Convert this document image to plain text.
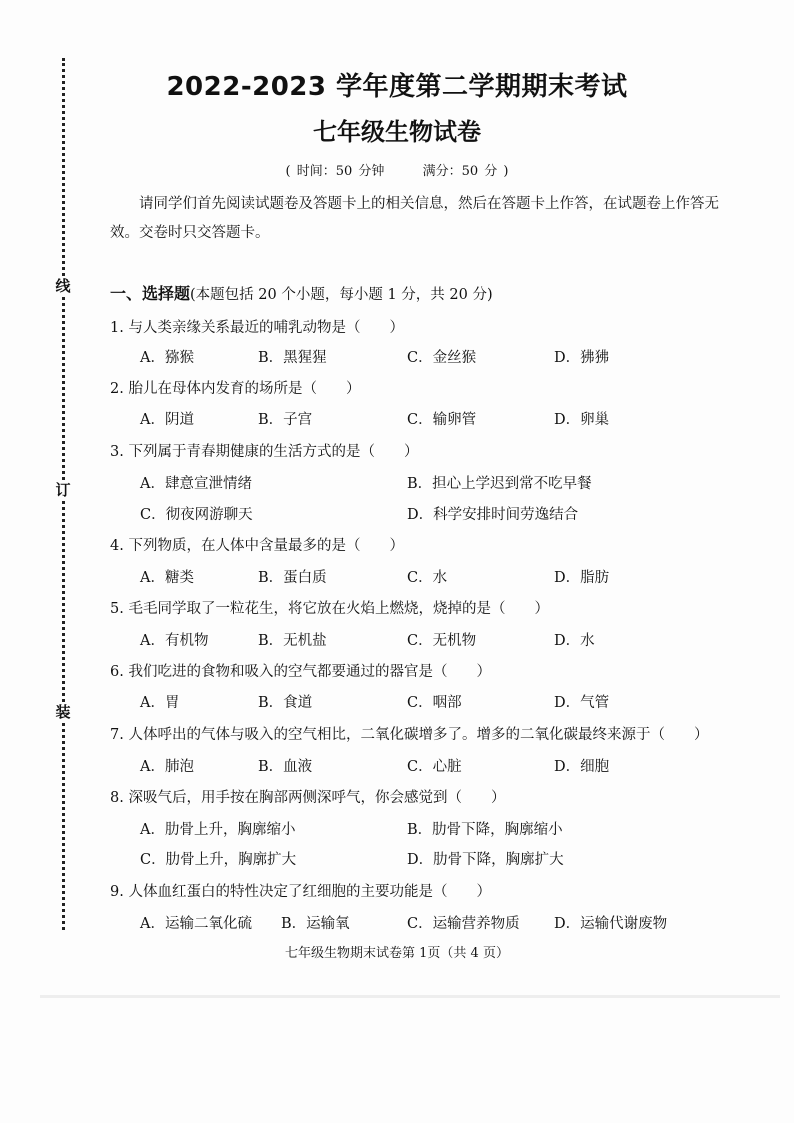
线
订
装
2022-2023 学年度第二学期期末考试
七年级生物试卷
( 时间：50 分钟	满分：50 分 )
请同学们首先阅读试题卷及答题卡上的相关信息，然后在答题卡上作答，在试题卷上作答无效。交卷时只交答题卡。
一、选择题(本题包括 20 个小题，每小题 1 分，共 20 分)
1. 与人类亲缘关系最近的哺乳动物是（　　）
A．猕猴	B．黑猩猩	C．金丝猴	D．狒狒
2. 胎儿在母体内发育的场所是（　　）
A．阴道	B．子宫	C．输卵管	D．卵巢
3. 下列属于青春期健康的生活方式的是（　　）
A．肆意宣泄情绪	B．担心上学迟到常不吃早餐
C．彻夜网游聊天	D．科学安排时间劳逸结合
4. 下列物质，在人体中含量最多的是（　　）
A．糖类	B．蛋白质	C．水	D．脂肪
5. 毛毛同学取了一粒花生，将它放在火焰上燃烧，烧掉的是（　　）
A．有机物	B．无机盐	C．无机物	D．水
6. 我们吃进的食物和吸入的空气都要通过的器官是（　　）
A．胃	B．食道	C．咽部	D．气管
7. 人体呼出的气体与吸入的空气相比，二氧化碳增多了。增多的二氧化碳最终来源于（　　）
A．肺泡	B．血液	C．心脏	D．细胞
8. 深吸气后，用手按在胸部两侧深呼气，你会感觉到（　　）
A．肋骨上升，胸廓缩小	B．肋骨下降，胸廓缩小
C．肋骨上升，胸廓扩大	D．肋骨下降，胸廓扩大
9. 人体血红蛋白的特性决定了红细胞的主要功能是（　　）
A．运输二氧化硫 B．运输氧	C．运输营养物质 D．运输代谢废物
七年级生物期末试卷第 1页（共 4 页）
